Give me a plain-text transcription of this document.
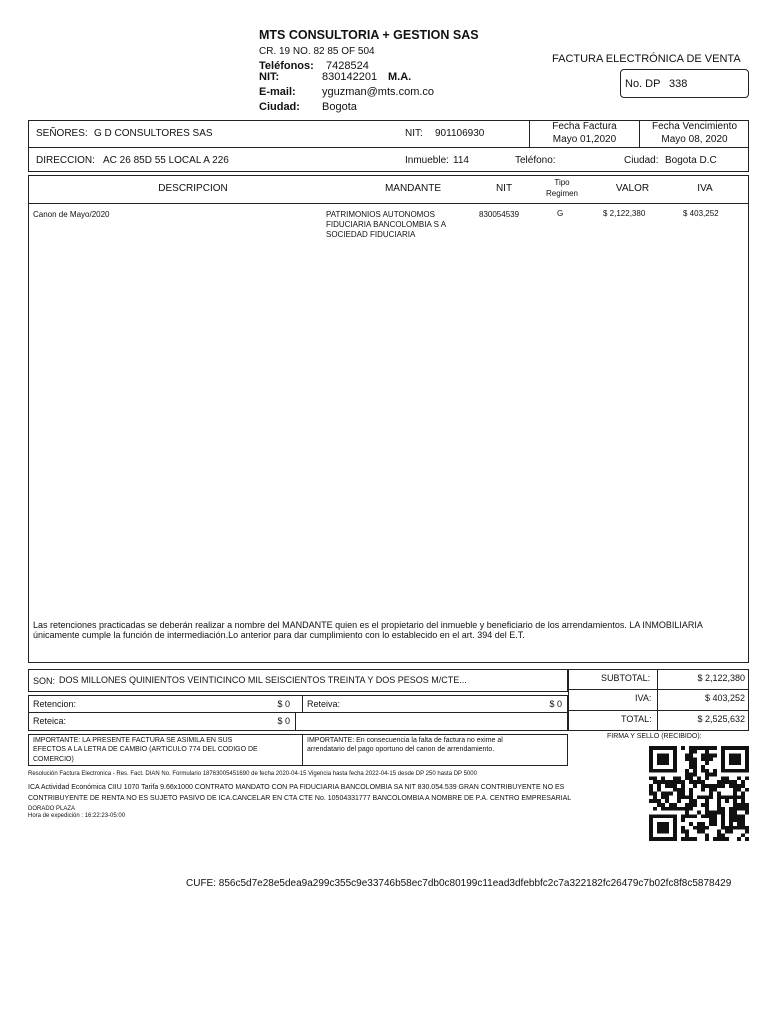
MTS CONSULTORIA + GESTION SAS
CR. 19 NO. 82 85 OF 504
Teléfonos: 7428524
NIT:	830142201 M.A.
E-mail: yguzman@mts.com.co
Ciudad: Bogota
FACTURA ELECTRÓNICA DE VENTA
No. DP 338
SEÑORES: G D CONSULTORES SAS	NIT: 901106930
Fecha Factura
Mayo 01,2020
Fecha Vencimiento
Mayo 08, 2020
DIRECCION: AC 26 85D 55 LOCAL A 226	Inmueble: 114	Teléfono:	Ciudad: Bogota D.C
DESCRIPCION	MANDANTE	NIT
Tipo
Regimen	VALOR	IVA
Canon de Mayo/2020	PATRIMONIOS AUTONOMOS
FIDUCIARIA BANCOLOMBIA S A
SOCIEDAD FIDUCIARIA
830054539	G	$ 2,122,380	$ 403,252
Las retenciones practicadas se deberán realizar a nombre del MANDANTE quien es el propietario del inmueble y beneficiario de los arrendamientos. LA INMOBILIARIA
únicamente cumple la función de intermediación.Lo anterior para dar cumplimiento con lo establecido en el art. 394 del E.T.
SON: DOS MILLONES QUINIENTOS VEINTICINCO MIL SEISCIENTOS TREINTA Y DOS PESOS M/CTE...	SUBTOTAL:	$ 2,122,380
IVA:	$ 403,252
TOTAL:	$ 2,525,632
Retencion:	$ 0 Reteiva:	$ 0
Reteica:	$ 0
IMPORTANTE: LA PRESENTE FACTURA SE ASIMILA EN SUS
EFECTOS A LA LETRA DE CAMBIO (ARTICULO 774 DEL CODIGO DE
COMERCIO)
IMPORTANTE: En consecuencia la falta de factura no exime al
arrendatario del pago oportuno del canon de arrendamiento.
FIRMA Y SELLO (RECIBIDO):
Resolución Factura Electronica - Res. Fact. DIAN No. Formulario 18763005451690 de fecha 2020-04-15 Vigencia hasta fecha 2022-04-15 desde DP 250 hasta DP 5000
ICA Actividad Económica CIIU 1070 Tarifa 9.66x1000 CONTRATO MANDATO CON PA FIDUCIARIA BANCOLOMBIA SA NIT 830.054.539 GRAN CONTRIBUYENTE NO ES
CONTRIBUYENTE DE RENTA NO ES SUJETO PASIVO DE ICA.CANCELAR EN CTA CTE No. 10504331777 BANCOLOMBIA A NOMBRE DE P.A. CENTRO EMPRESARIAL
DORADO PLAZA
Hora de expedición : 16:22:23-05:00
CUFE: 856c5d7e28e5dea9a299c355c9e33746b58ec7db0c80199c11ead3dfebbfc2c7a322182fc26479c7b02fc8f8c5878429
